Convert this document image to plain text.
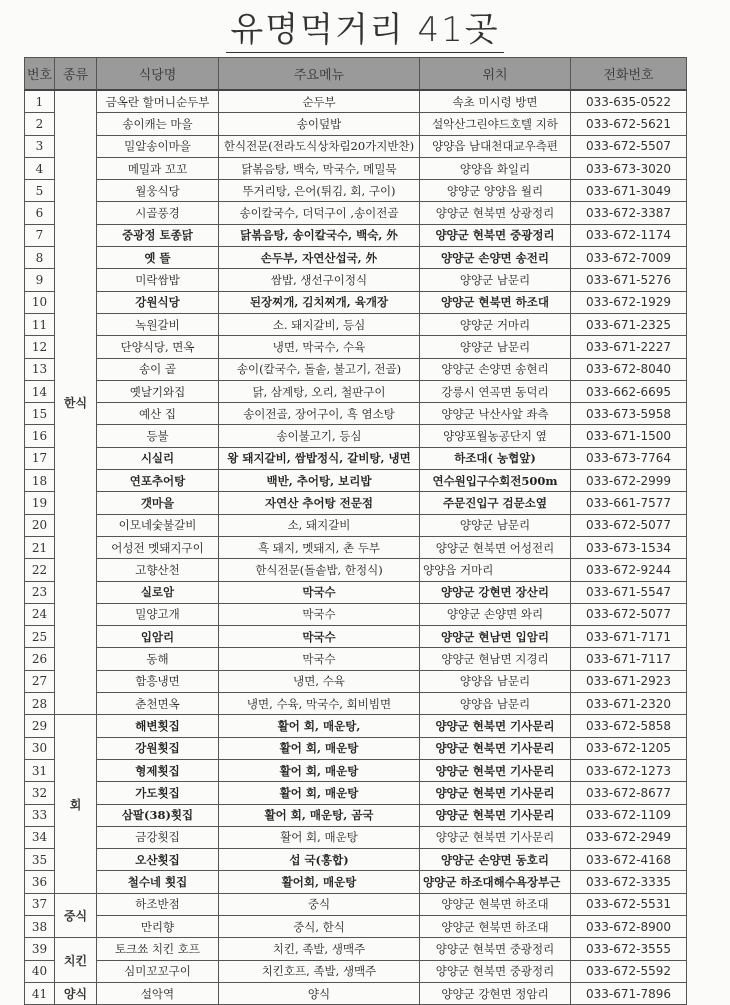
유명먹거리 41곳
번호	종류	식당명	주요메뉴	위치	전화번호
1	한식	금옥란 할머니순두부	순두부	속초 미시령 방면	033-635-0522
2		송이캐는 마을	송이덮밥	설악산그린야드호텔 지하	033-672-5621
3		밀알송이마을	한식전문(전라도식상차림20가지반찬)	양양읍 남대천대교우측편	033-672-5507
4		메밀과 꼬꼬	닭볶음탕, 백숙, 막국수, 메밀묵	양양읍 화일리	033-673-3020
5		월웅식당	뚜거리탕, 은어(튀김, 회, 구이)	양양군 양양읍 월리	033-671-3049
6		시골풍경	송이칼국수, 더덕구이 ,송이전골	양양군 현북면 상광정리	033-672-3387
7		중광정 토종닭	닭볶음탕, 송이칼국수, 백숙, 外	양양군 현북면 중광정리	033-672-1174
8		옛 뜰	손두부, 자연산섭국, 外	양양군 손양면 송전리	033-672-7009
9		미락쌈밥	쌈밥, 생선구이정식	양양군 남문리	033-671-5276
10		강원식당	된장찌개, 김치찌개, 육개장	양양군 현북면 하조대	033-672-1929
11		녹원갈비	소. 돼지갈비, 등심	양양군 거마리	033-671-2325
12		단양식당, 면옥	냉면, 막국수, 수육	양양군 남문리	033-671-2227
13		송이 골	송이(칼국수, 돌솥, 불고기, 전골)	양양군 손양면 송현리	033-672-8040
14		옛날기와집	닭, 삼계탕, 오리, 철판구이	강릉시 연곡면 동덕리	033-662-6695
15		예산 집	송이전골, 장어구이, 흑 염소탕	양양군 낙산사앞 좌측	033-673-5958
16		등불	송이불고기, 등심	양양포월농공단지 옆	033-671-1500
17		시실리	왕 돼지갈비, 쌈밥정식, 갈비탕, 냉면	하조대( 농협앞)	033-673-7764
18		연포추어탕	백반, 추어탕, 보리밥	연수원입구수회전500m	033-672-2999
19		갯마을	자연산 추어탕 전문점	주문진입구 검문소옆	033-661-7577
20		이모네숯불갈비	소, 돼지갈비	양양군 남문리	033-672-5077
21		어성전 멧돼지구이	흑 돼지, 멧돼지, 촌 두부	양양군 현북면 어성전리	033-673-1534
22		고향산천	한식전문(돌솥밥, 한정식)	양양읍 거마리	033-672-9244
23		실로암	막국수	양양군 강현면 장산리	033-671-5547
24		밀양고개	막국수	양양군 손양면 와리	033-672-5077
25		입암리	막국수	양양군 현남면 입암리	033-671-7171
26		동해	막국수	양양군 현남면 지경리	033-671-7117
27		함흥냉면	냉면, 수육	양양읍 남문리	033-671-2923
28		춘천면옥	냉면, 수육, 막국수, 회비빔면	양양읍 남문리	033-671-2320
29	회	해변횟집	활어 회, 매운탕,	양양군 현북면 기사문리	033-672-5858
30		강원횟집	활어 회, 매운탕	양양군 현북면 기사문리	033-672-1205
31		형제횟집	활어 회, 매운탕	양양군 현북면 기사문리	033-672-1273
32		가도횟집	활어 회, 매운탕	양양군 현북면 기사문리	033-672-8677
33		삼팔(38)횟집	활어 회, 매운탕, 곰국	양양군 현북면 기사문리	033-672-1109
34		금강횟집	활어 회, 매운탕	양양군 현북면 기사문리	033-672-2949
35		오산횟집	섭 국(홍합)	양양군 손양면 동호리	033-672-4168
36		철수네 횟집	활어회, 매운탕	양양군 하조대해수욕장부근	033-672-3335
37	중식	하조반점	중식	양양군 현북면 하조대	033-672-5531
38		만리향	중식, 한식	양양군 현북면 하조대	033-672-8900
39	치킨	토크쑈 치킨 호프	치킨, 족발, 생맥주	양양군 현북면 중광정리	033-672-3555
40		심미꼬꼬구이	치킨호프, 족발, 생맥주	양양군 현북면 중광정리	033-672-5592
41	양식	설악역	양식	양양군 강현면 정암리	033-671-7896
